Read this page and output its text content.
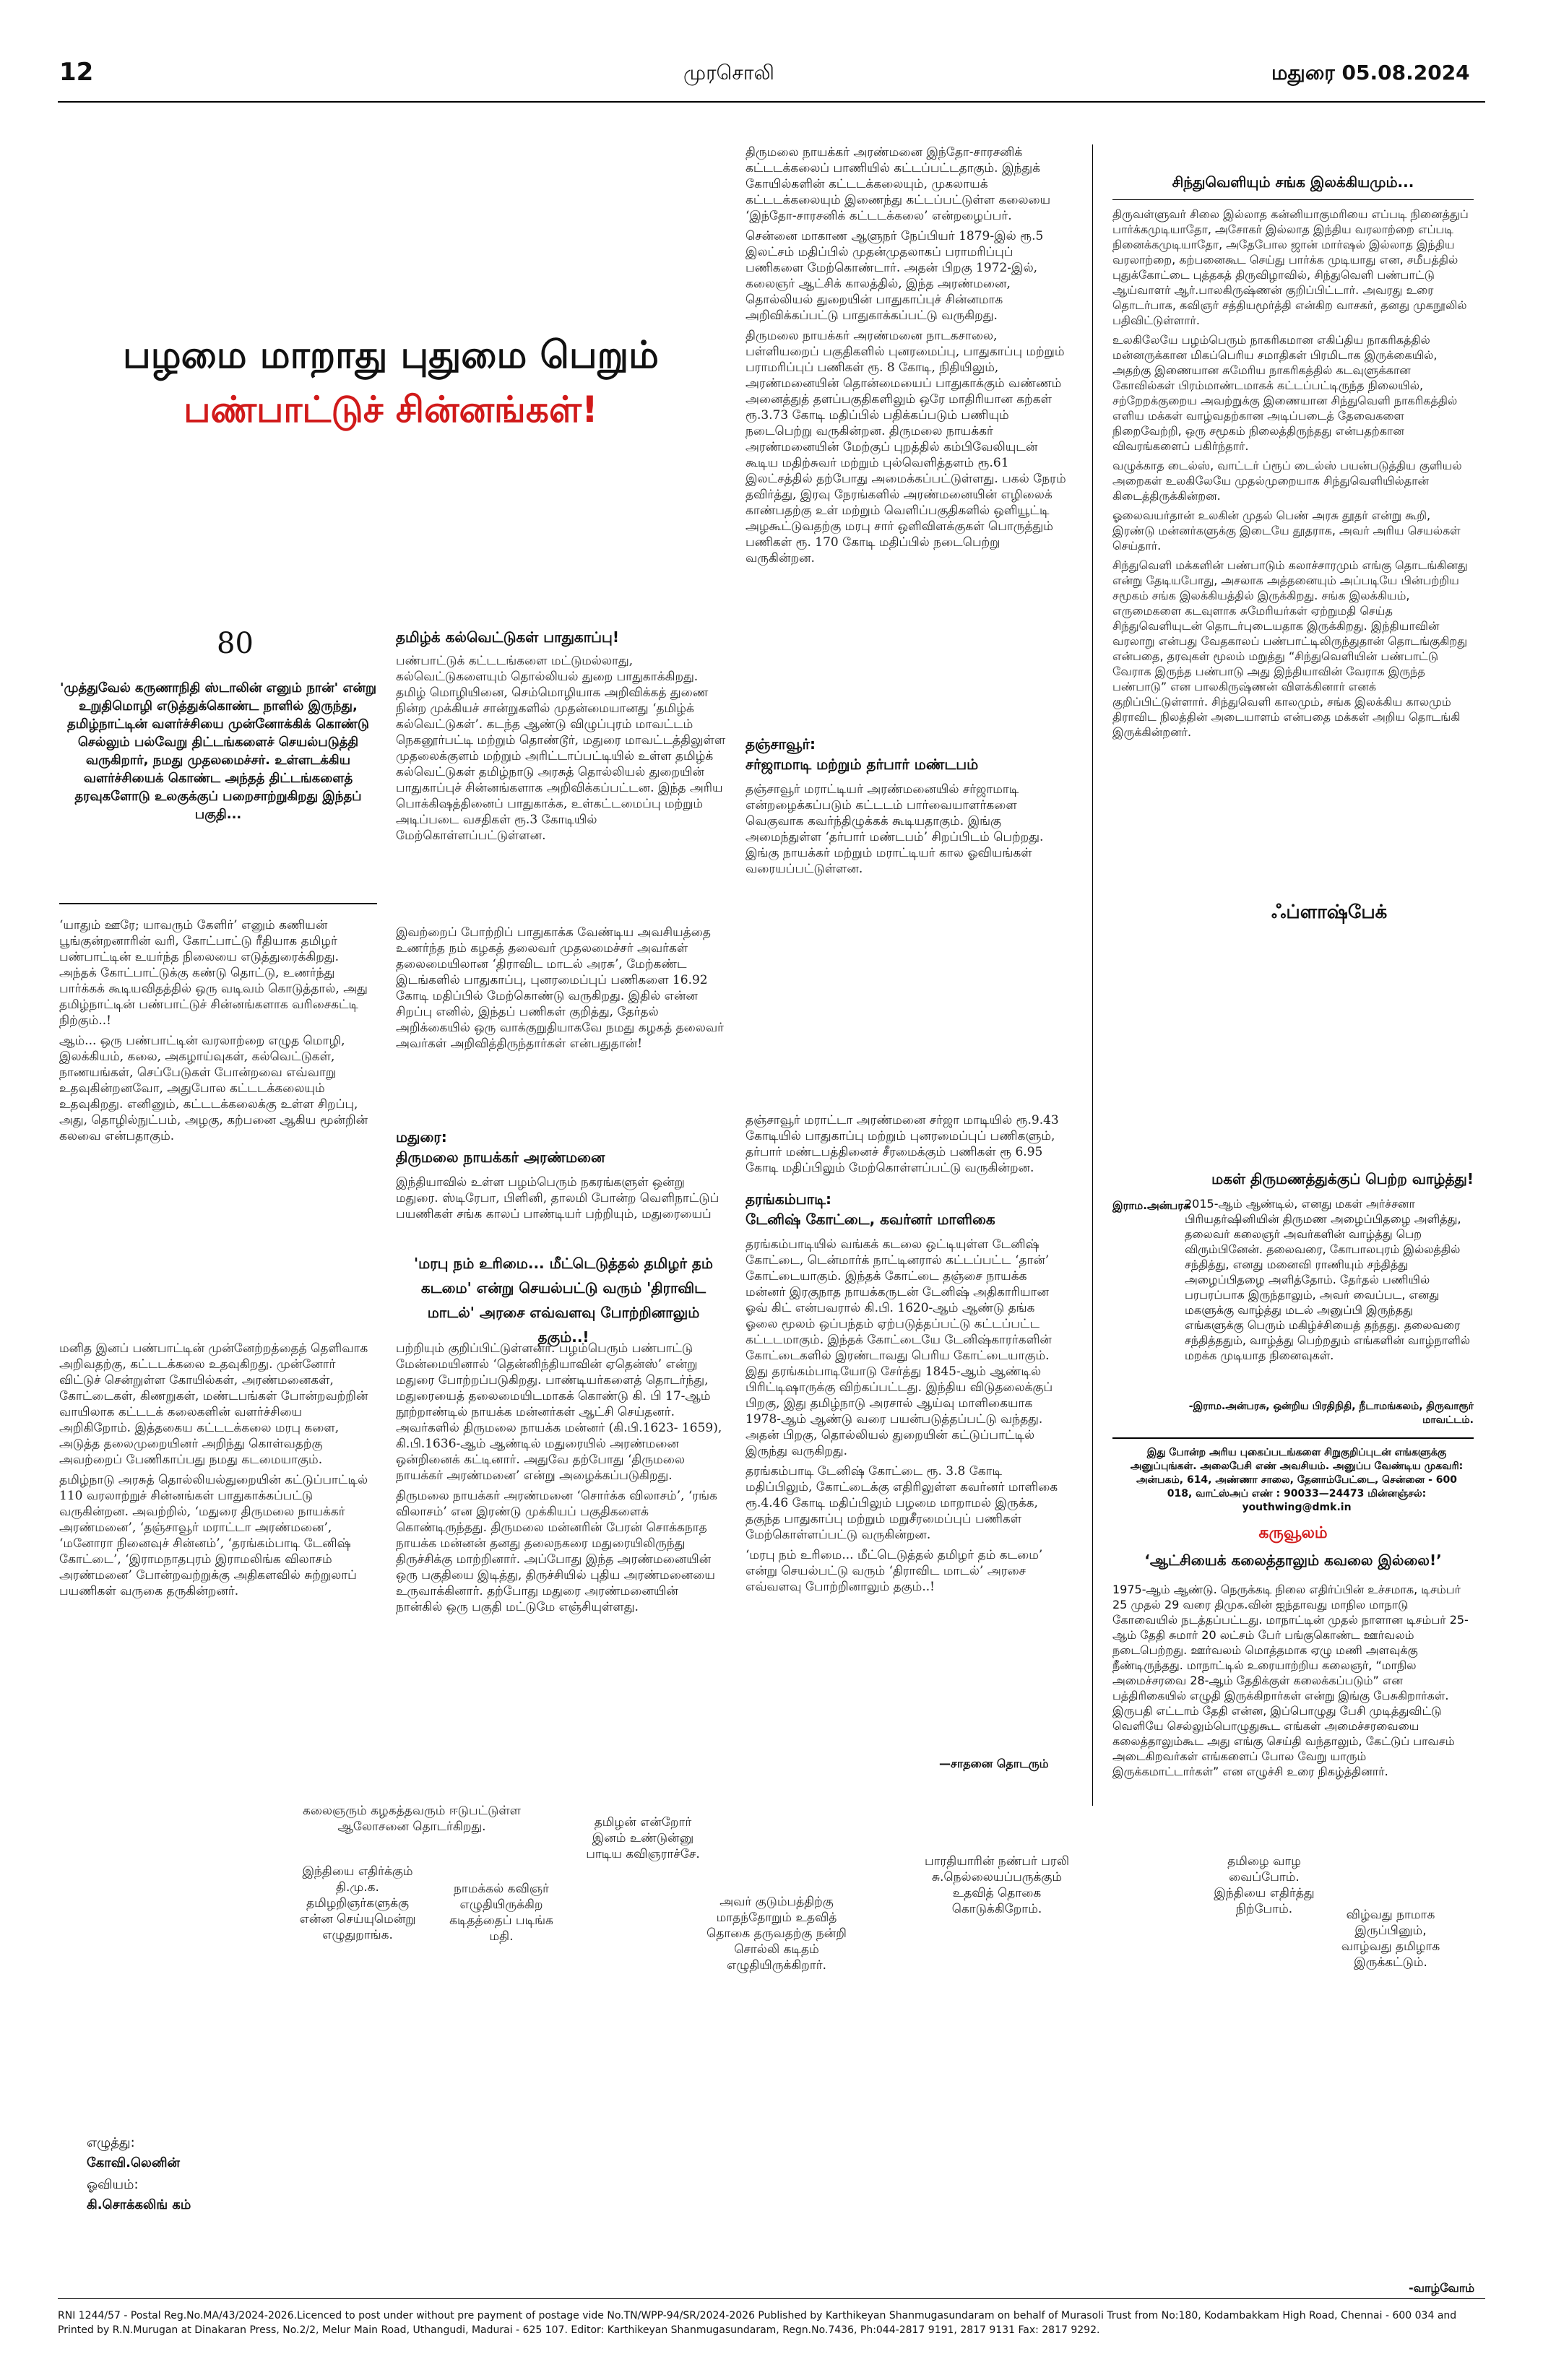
12	முரசொலி	மதுரை 05.08.2024
பழமை மாறாது புதுமை பெறும்
பண்பாட்டுச் சின்னங்கள்!
80
'முத்துவேல் கருணாநிதி ஸ்டாலின் எனும் நான்' என்று உறுதிமொழி எடுத்துக்கொண்ட நாளில் இருந்து, தமிழ்நாட்டின் வளர்ச்சியை முன்னோக்கிக் கொண்டு செல்லும் பல்வேறு திட்டங்களைச் செயல்படுத்தி வருகிறார், நமது முதலமைச்சர். உள்ளடக்கிய வளர்ச்சியைக் கொண்ட அந்தத் திட்டங்களைத் தரவுகளோடு உலகுக்குப் பறைசாற்றுகிறது இந்தப் பகுதி...

‘யாதும் ஊரே; யாவரும் கேளிர்’ எனும் கணியன் பூங்குன்றனாரின் வரி, கோட்பாட்டு ரீதியாக தமிழர் பண்பாட்டின் உயர்ந்த நிலையை எடுத்துரைக்கிறது. அந்தக் கோட்பாட்டுக்கு கண்டு தொட்டு, உணர்ந்து பார்க்கக் கூடியவிதத்தில் ஒரு வடிவம் கொடுத்தால், அது தமிழ்நாட்டின் பண்பாட்டுச் சின்னங்களாக வரிசைகட்டி நிற்கும்..!

ஆம்... ஒரு பண்பாட்டின் வரலாற்றை எழுத மொழி, இலக்கியம், கலை, அகழாய்வுகள், கல்வெட்டுகள், நாணயங்கள், செப்பேடுகள் போன்றவை எவ்வாறு உதவுகின்றனவோ, அதுபோல கட்டடக்கலையும் உதவுகிறது. எனினும், கட்டடக்கலைக்கு உள்ள சிறப்பு, அது, தொழில்நுட்பம், அழகு, கற்பனை ஆகிய மூன்றின் கலவை என்பதாகும்.

மனித இனப் பண்பாட்டின் முன்னேற்றத்தைத் தெளிவாக அறிவதற்கு, கட்டடக்கலை உதவுகிறது. முன்னோர் விட்டுச் சென்றுள்ள கோயில்கள், அரண்மனைகள், கோட்டைகள், கிணறுகள், மண்டபங்கள் போன்றவற்றின் வாயிலாக கட்டடக் கலைகளின் வளர்ச்சியை அறிகிறோம். இத்தகைய கட்டடக்கலை மரபு களை, அடுத்த தலைமுறையினர் அறிந்து கொள்வதற்கு அவற்றைப் பேணிகாப்பது நமது கடமையாகும்.

தமிழ்நாடு அரசுத் தொல்லியல்துறையின் கட்டுப்பாட்டில் 110 வரலாற்றுச் சின்னங்கள் பாதுகாக்கப்பட்டு வருகின்றன. அவற்றில், ‘மதுரை திருமலை நாயக்கர் அரண்மனை’, ‘தஞ்சாவூர் மராட்டா அரண்மனை’, ‘மனோரா நினைவுச் சின்னம்’, ‘தரங்கம்பாடி டேனிஷ் கோட்டை’, ‘இராமநாதபுரம் இராமலிங்க விலாசம் அரண்மனை’ போன்றவற்றுக்கு அதிகளவில் சுற்றுலாப் பயணிகள் வருகை தருகின்றனர்.

தமிழ்க் கல்வெட்டுகள் பாதுகாப்பு!
பண்பாட்டுக் கட்டடங்களை மட்டுமல்லாது, கல்வெட்டுகளையும் தொல்லியல் துறை பாதுகாக்கிறது. தமிழ் மொழியினை, செம்மொழியாக அறிவிக்கத் துணை நின்ற முக்கியச் சான்றுகளில் முதன்மையானது ‘தமிழ்க் கல்வெட்டுகள்’. கடந்த ஆண்டு விழுப்புரம் மாவட்டம் நெகனூர்பட்டி மற்றும் தொண்டூர், மதுரை மாவட்டத்திலுள்ள முதலைக்குளம் மற்றும் அரிட்டாப்பட்டியில் உள்ள தமிழ்க் கல்வெட்டுகள் தமிழ்நாடு அரசுத் தொல்லியல் துறையின் பாதுகாப்புச் சின்னங்களாக அறிவிக்கப்பட்டன. இந்த அரிய பொக்கிஷத்தினைப் பாதுகாக்க, உள்கட்டமைப்பு மற்றும் அடிப்படை வசதிகள் ரூ.3 கோடியில் மேற்கொள்ளப்பட்டுள்ளன.
இவற்றைப் போற்றிப் பாதுகாக்க வேண்டிய அவசியத்தை உணர்ந்த நம் கழகத் தலைவர் முதலமைச்சர் அவர்கள் தலைமையிலான ‘திராவிட மாடல் அரசு’, மேற்கண்ட இடங்களில் பாதுகாப்பு, புனரமைப்புப் பணிகளை 16.92 கோடி மதிப்பில் மேற்கொண்டு வருகிறது. இதில் என்ன சிறப்பு எனில், இந்தப் பணிகள் குறித்து, தேர்தல் அறிக்கையில் ஒரு வாக்குறுதியாகவே நமது கழகத் தலைவர் அவர்கள் அறிவித்திருந்தார்கள் என்பதுதான்!
மதுரை:
திருமலை நாயக்கர் அரண்மனை
இந்தியாவில் உள்ள பழம்பெரும் நகரங்களுள் ஒன்று மதுரை. ஸ்டிரேபா, பிளினி, தாலமி போன்ற வெளிநாட்டுப் பயணிகள் சங்க காலப் பாண்டியர் பற்றியும், மதுரையைப்
'மரபு நம் உரிமை... மீட்டெடுத்தல் தமிழர் தம் கடமை' என்று செயல்பட்டு வரும் 'திராவிட மாடல்' அரசை எவ்வளவு போற்றினாலும் தகும்..!

பற்றியும் குறிப்பிட்டுள்ளனர். பழம்பெரும் பண்பாட்டு மேன்மையினால் ‘தென்னிந்தியாவின் ஏதென்ஸ்’ என்று மதுரை போற்றப்படுகிறது. பாண்டியர்களைத் தொடர்ந்து, மதுரையைத் தலைமையிடமாகக் கொண்டு கி. பி 17-ஆம் நூற்றாண்டில் நாயக்க மன்னர்கள் ஆட்சி செய்தனர். அவர்களில் திருமலை நாயக்க மன்னர் (கி.பி.1623- 1659), கி.பி.1636-ஆம் ஆண்டில் மதுரையில் அரண்மனை ஒன்றினைக் கட்டினார். அதுவே தற்போது ‘திருமலை நாயக்கர் அரண்மனை’ என்று அழைக்கப்படுகிறது.

திருமலை நாயக்கர் அரண்மனை ‘சொர்க்க விலாசம்’, ‘ரங்க விலாசம்’ என இரண்டு முக்கியப் பகுதிகளைக் கொண்டிருந்தது. திருமலை மன்னரின் பேரன் சொக்கநாத நாயக்க மன்னன் தனது தலைநகரை மதுரையிலிருந்து திருச்சிக்கு மாற்றினார். அப்போது இந்த அரண்மனையின் ஒரு பகுதியை இடித்து, திருச்சியில் புதிய அரண்மனையை உருவாக்கினார். தற்போது மதுரை அரண்மனையின் நான்கில் ஒரு பகுதி மட்டுமே எஞ்சியுள்ளது.

திருமலை நாயக்கர் அரண்மனை இந்தோ-சாரசனிக் கட்டடக்கலைப் பாணியில் கட்டப்பட்டதாகும். இந்துக் கோயில்களின் கட்டடக்கலையும், முகலாயக் கட்டடக்கலையும் இணைந்து கட்டப்பட்டுள்ள கலையை ‘இந்தோ-சாரசனிக் கட்டடக்கலை’ என்றழைப்பர்.

சென்னை மாகாண ஆளுநர் நேப்பியர் 1879-இல் ரூ.5 இலட்சம் மதிப்பில் முதன்முதலாகப் பராமரிப்புப் பணிகளை மேற்கொண்டார். அதன் பிறகு 1972-இல், கலைஞர் ஆட்சிக் காலத்தில், இந்த அரண்மனை, தொல்லியல் துறையின் பாதுகாப்புச் சின்னமாக அறிவிக்கப்பட்டு பாதுகாக்கப்பட்டு வருகிறது.

திருமலை நாயக்கர் அரண்மனை நாடகசாலை, பள்ளியறைப் பகுதிகளில் புனரமைப்பு, பாதுகாப்பு மற்றும் பராமரிப்புப் பணிகள் ரூ. 8 கோடி, நிதியிலும், அரண்மனையின் தொன்மையைப் பாதுகாக்கும் வண்ணம் அனைத்துத் தளப்பகுதிகளிலும் ஒரே மாதிரியான கற்கள் ரூ.3.73 கோடி மதிப்பில் பதிக்கப்படும் பணியும் நடைபெற்று வருகின்றன. திருமலை நாயக்கர் அரண்மனையின் மேற்குப் புறத்தில் கம்பிவேலியுடன் கூடிய மதிற்சுவர் மற்றும் புல்வெளித்தளம் ரூ.61 இலட்சத்தில் தற்போது அமைக்கப்பட்டுள்ளது. பகல் நேரம் தவிர்த்து, இரவு நேரங்களில் அரண்மனையின் எழிலைக் காண்பதற்கு உள் மற்றும் வெளிப்பகுதிகளில் ஒளியூட்டி அழகூட்டுவதற்கு மரபு சார் ஒளிவிளக்குகள் பொருத்தும் பணிகள் ரூ. 170 கோடி மதிப்பில் நடைபெற்று வருகின்றன.

தஞ்சாவூர்:
சர்ஜாமாடி மற்றும் தர்பார் மண்டபம்
தஞ்சாவூர் மராட்டியர் அரண்மனையில் சர்ஜாமாடி என்றழைக்கப்படும் கட்டடம் பார்வையாளர்களை வெகுவாக கவர்ந்திழுக்கக் கூடியதாகும். இங்கு அமைந்துள்ள ‘தர்பார் மண்டபம்’ சிறப்பிடம் பெற்றது. இங்கு நாயக்கர் மற்றும் மராட்டியர் கால ஓவியங்கள் வரையப்பட்டுள்ளன.
தஞ்சாவூர் மராட்டா அரண்மனை சர்ஜா மாடியில் ரூ.9.43 கோடியில் பாதுகாப்பு மற்றும் புனரமைப்புப் பணிகளும், தர்பார் மண்டபத்தினைச் சீரமைக்கும் பணிகள் ரூ 6.95 கோடி மதிப்பிலும் மேற்கொள்ளப்பட்டு வருகின்றன.
தரங்கம்பாடி:
டேனிஷ் கோட்டை, கவர்னர் மாளிகை

தரங்கம்பாடியில் வங்கக் கடலை ஒட்டியுள்ள டேனிஷ் கோட்டை, டென்மார்க் நாட்டினரால் கட்டப்பட்ட ‘தான்’ கோட்டையாகும். இந்தக் கோட்டை தஞ்சை நாயக்க மன்னர் இரகுநாத நாயக்கருடன் டேனிஷ் அதிகாரியான ஓவ் கிட் என்பவரால் கி.பி. 1620-ஆம் ஆண்டு தங்க ஓலை மூலம் ஒப்பந்தம் ஏற்படுத்தப்பட்டு கட்டப்பட்ட கட்டடமாகும். இந்தக் கோட்டையே டேனிஷ்காரர்களின் கோட்டைகளில் இரண்டாவது பெரிய கோட்டையாகும். இது தரங்கம்பாடியோடு சேர்த்து 1845-ஆம் ஆண்டில் பிரிட்டிஷாருக்கு விற்கப்பட்டது. இந்திய விடுதலைக்குப் பிறகு, இது தமிழ்நாடு அரசால் ஆய்வு மாளிகையாக 1978-ஆம் ஆண்டு வரை பயன்படுத்தப்பட்டு வந்தது. அதன் பிறகு, தொல்லியல் துறையின் கட்டுப்பாட்டில் இருந்து வருகிறது.

தரங்கம்பாடி டேனிஷ் கோட்டை ரூ. 3.8 கோடி மதிப்பிலும், கோட்டைக்கு எதிரிலுள்ள கவர்னர் மாளிகை ரூ.4.46 கோடி மதிப்பிலும் பழமை மாறாமல் இருக்க, தகுந்த பாதுகாப்பு மற்றும் மறுசீரமைப்புப் பணிகள் மேற்கொள்ளப்பட்டு வருகின்றன.

‘மரபு நம் உரிமை... மீட்டெடுத்தல் தமிழர் தம் கடமை’ என்று செயல்பட்டு வரும் ‘திராவிட மாடல்’ அரசை எவ்வளவு போற்றினாலும் தகும்..!

—சாதனை தொடரும்
சிந்துவெளியும் சங்க இலக்கியமும்...

திருவள்ளுவர் சிலை இல்லாத கன்னியாகுமரியை எப்படி நினைத்துப் பார்க்கமுடியாதோ, அசோகர் இல்லாத இந்திய வரலாற்றை எப்படி நினைக்கமுடியாதோ, அதேபோல ஜான் மார்ஷல் இல்லாத இந்திய வரலாற்றை, கற்பனைகூட செய்து பார்க்க முடியாது என, சமீபத்தில் புதுக்கோட்டை புத்தகத் திருவிழாவில், சிந்துவெளி பண்பாட்டு ஆய்வாளர் ஆர்.பாலகிருஷ்ணன் குறிப்பிட்டார். அவரது உரை தொடர்பாக, கவிஞர் சத்தியமூர்த்தி என்கிற வாசகர், தனது முகநூலில் பதிவிட்டுள்ளார்.

உலகிலேயே பழம்பெரும் நாகரிகமான எகிப்திய நாகரிகத்தில் மன்னருக்கான மிகப்பெரிய சமாதிகள் பிரமிடாக இருக்கையில், அதற்கு இணையான சுமேரிய நாகரிகத்தில் கடவுளுக்கான கோவில்கள் பிரம்மாண்டமாகக் கட்டப்பட்டிருந்த நிலையில், சற்றேறக்குறைய அவற்றுக்கு இணையான சிந்துவெளி நாகரிகத்தில் எளிய மக்கள் வாழ்வதற்கான அடிப்படைத் தேவைகளை நிறைவேற்றி, ஒரு சமூகம் நிலைத்திருந்தது என்பதற்கான விவரங்களைப் பகிர்ந்தார்.

வழுக்காத டைல்ஸ், வாட்டர் ப்ரூப் டைல்ஸ் பயன்படுத்திய குளியல் அறைகள் உலகிலேயே முதல்முறையாக சிந்துவெளியில்தான் கிடைத்திருக்கின்றன.

ஓலைவயர்தான் உலகின் முதல் பெண் அரசு தூதர் என்று கூறி, இரண்டு மன்னர்களுக்கு இடையே தூதராக, அவர் அரிய செயல்கள் செய்தார்.

சிந்துவெளி மக்களின் பண்பாடும் கலாச்சாரமும் எங்கு தொடங்கினது என்று தேடியபோது, அசலாக அத்தனையும் அப்படியே பின்பற்றிய சமூகம் சங்க இலக்கியத்தில் இருக்கிறது. சங்க இலக்கியம், எருமைகளை கடவுளாக சுமேரியர்கள் ஏற்றுமதி செய்த சிந்துவெளியுடன் தொடர்புடையதாக இருக்கிறது. இந்தியாவின் வரலாறு என்பது வேதகாலப் பண்பாட்டிலிருந்துதான் தொடங்குகிறது என்பதை, தரவுகள் மூலம் மறுத்து “சிந்துவெளியின் பண்பாட்டு வேராக இருந்த பண்பாடு அது இந்தியாவின் வேராக இருந்த பண்பாடு” என பாலகிருஷ்ணன் விளக்கினார் எனக் குறிப்பிட்டுள்ளார். சிந்துவெளி காலமும், சங்க இலக்கிய காலமும் திராவிட நிலத்தின் அடையாளம் என்பதை மக்கள் அறிய தொடங்கி இருக்கின்றனர்.

ஃப்ளாஷ்பேக்
மகள் திருமணத்துக்குப் பெற்ற வாழ்த்து!
இராம.அன்பரசு
2015-ஆம் ஆண்டில், எனது மகள் அர்ச்சனா பிரியதர்ஷினியின் திருமண அழைப்பிதழை அளித்து, தலைவர் கலைஞர் அவர்களின் வாழ்த்து பெற விரும்பினேன். தலைவரை, கோபாலபுரம் இல்லத்தில் சந்தித்து, எனது மனைவி ராணியும் சந்தித்து அழைப்பிதழை அளித்தோம். தேர்தல் பணியில் பரபரப்பாக இருந்தாலும், அவர் வைப்பட, எனது மகளுக்கு வாழ்த்து மடல் அனுப்பி இருந்தது எங்களுக்கு பெரும் மகிழ்ச்சியைத் தந்தது. தலைவரை சந்தித்ததும், வாழ்த்து பெற்றதும் எங்களின் வாழ்நாளில் மறக்க முடியாத நினைவுகள்.
-இராம.அன்பரசு, ஒன்றிய பிரதிநிதி, நீடாமங்கலம், திருவாரூர் மாவட்டம்.
இது போன்ற அரிய புகைப்படங்களை சிறுகுறிப்புடன் எங்களுக்கு அனுப்புங்கள். அலைபேசி எண் அவசியம். அனுப்ப வேண்டிய முகவரி: அன்பகம், 614, அண்ணா சாலை, தேனாம்பேட்டை, சென்னை - 600 018, வாட்ஸ்அப் எண் : 90033—24473 மின்னஞ்சல்: youthwing@dmk.in
கருவூலம்
‘ஆட்சியைக் கலைத்தாலும் கவலை இல்லை!’
1975-ஆம் ஆண்டு. நெருக்கடி நிலை எதிர்ப்பின் உச்சமாக, டிசம்பர் 25 முதல் 29 வரை திமுக.வின் ஐந்தாவது மாநில மாநாடு கோவையில் நடத்தப்பட்டது. மாநாட்டின் முதல் நாளான டிசம்பர் 25-ஆம் தேதி சுமார் 20 லட்சம் பேர் பங்குகொண்ட ஊர்வலம் நடைபெற்றது. ஊர்வலம் மொத்தமாக ஏழு மணி அளவுக்கு நீண்டிருந்தது. மாநாட்டில் உரையாற்றிய கலைஞர், “மாநில அமைச்சரவை 28-ஆம் தேதிக்குள் கலைக்கப்படும்” என பத்திரிகையில் எழுதி இருக்கிறார்கள் என்று இங்கு பேசுகிறார்கள். இருபதி எட்டாம் தேதி என்ன, இப்பொழுது பேசி முடித்துவிட்டு வெளியே செல்லும்பொழுதுகூட எங்கள் அமைச்சரவையை கலைத்தாலும்கூட அது எங்கு செய்தி வந்தாலும், கேட்டுப் பாவசம் அடைகிறவர்கள் எங்களைப் போல வேறு யாரும் இருக்கமாட்டார்கள்” என எழுச்சி உரை நிகழ்த்தினார்.
கலைஞரும் கழகத்தவரும் ஈடுபட்டுள்ள ஆலோசனை தொடர்கிறது.
இந்தியை எதிர்க்கும் தி.மு.க. தமிழறிஞர்களுக்கு என்ன செய்யுமென்று எழுதுறாங்க.
நாமக்கல் கவிஞர் எழுதியிருக்கிற கடிதத்தைப் படிங்க மதி.
தமிழன் என்றோர் இனம் உண்டுன்னு பாடிய கவிஞராச்சே.
அவர் குடும்பத்திற்கு மாதந்தோறும் உதவித் தொகை தருவதற்கு நன்றி சொல்லி கடிதம் எழுதியிருக்கிறார்.
பாரதியாரின் நண்பர் பரலி சு.நெல்லையப்பருக்கும் உதவித் தொகை கொடுக்கிறோம்.
தமிழை வாழ வைப்போம். இந்தியை எதிர்த்து நிற்போம்.	விழ்வது நாமாக இருப்பினும், வாழ்வது தமிழாக இருக்கட்டும்.
எழுத்து:
கோவி.லெனின்
ஓவியம்:
கி.சொக்கலிங் கம்
-வாழ்வோம்
RNI 1244/57 - Postal Reg.No.MA/43/2024-2026.Licenced to post under without pre payment of postage vide No.TN/WPP-94/SR/2024-2026 Published by Karthikeyan Shanmugasundaram on behalf of Murasoli Trust from No:180, Kodambakkam High Road, Chennai - 600 034 and Printed by R.N.Murugan at Dinakaran Press, No.2/2, Melur Main Road, Uthangudi, Madurai - 625 107. Editor: Karthikeyan Shanmugasundaram, Regn.No.7436, Ph:044-2817 9191, 2817 9131 Fax: 2817 9292.
